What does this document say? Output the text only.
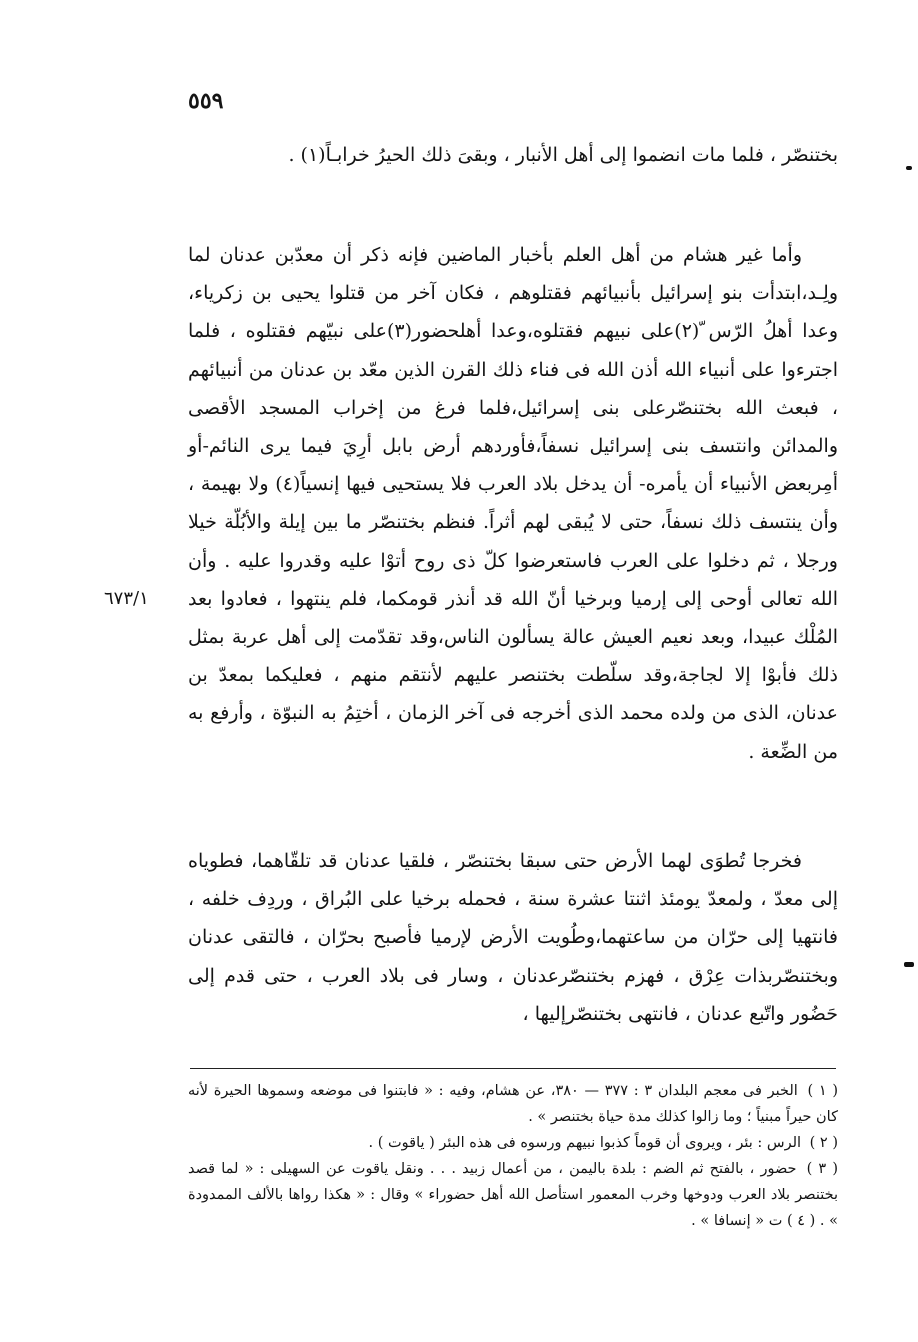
٥٥٩
٦٧٣/١

بختنصّر ، فلما مات انضموا إلى أهل الأنبار ، وبقىَ ذلك الحيرُ خرابـاً(١) .

وأما غير هشام من أهل العلم بأخبار الماضين فإنه ذكر أن معدّبن عدنان لما ولِـد،ابتدأت بنو إسرائيل بأنبيائهم فقتلوهم ، فكان آخر من قتلوا يحيى بن زكرياء، وعدا أهلُ الرّس ّ(٢)على نبيهم فقتلوه،وعدا أهلحضور(٣)على نبيّهم فقتلوه ، فلما اجترءوا على أنبياء الله أذن الله فى فناء ذلك القرن الذين معّد بن عدنان من أنبيائهم ، فبعث الله بختنصّرعلى بنى إسرائيل،فلما فرغ من إخراب المسجد الأقصى والمدائن وانتسف بنى إسرائيل نسفاً،فأوردهم أرض بابل أرِيَ فيما يرى النائم-أو أمِربعض الأنبياء أن يأمره- أن يدخل بلاد العرب فلا يستحيى فيها إنسياً(٤) ولا بهيمة ، وأن ينتسف ذلك نسفاً، حتى لا يُبقى لهم أثراً. فنظم بختنصّر ما بين إيلة والأبُلّة خيلا ورجلا ، ثم دخلوا على العرب فاستعرضوا كلّ ذى روح أتوْا عليه وقدروا عليه . وأن الله تعالى أوحى إلى إرميا وبرخيا أنّ الله قد أنذر قومكما، فلم ينتهوا ، فعادوا بعد المُلْك عبيدا، وبعد نعيم العيش عالة يسألون الناس،وقد تقدّمت إلى أهل عربة بمثل ذلك فأبوْا إلا لجاجة،وقد سلّطت بختنصر عليهم لأنتقم منهم ، فعليكما بمعدّ بن عدنان، الذى من ولده محمد الذى أخرجه فى آخر الزمان ، أختِمُ به النبوّة ، وأرفع به من الضِّعة .

فخرجا تُطوَى لهما الأرض حتى سبقا بختنصّر ، فلقيا عدنان قد تلقّاهما، فطوياه إلى معدّ ، ولمعدّ يومئذ اثنتا عشرة سنة ، فحمله برخيا على البُراق ، وردِف خلفه ، فانتهيا إلى حرّان من ساعتهما،وطُويت الأرض لإرميا فأصبح بحرّان ، فالتقى عدنان وبختنصّربذات عِرْق ، فهزم بختنصّرعدنان ، وسار فى بلاد العرب ، حتى قدم إلى حَضُور واتّبع عدنان ، فانتهى بختنصّرإليها ،

( ١ ) الخبر فى معجم البلدان ٣ : ٣٧٧ — ٣٨٠، عن هشام، وفيه : « فابتنوا فى موضعه وسموها الحيرة لأنه كان حيراً مبنياً ؛ وما زالوا كذلك مدة حياة بختنصر » .
( ٢ ) الرس : بئر ، ويروى أن قوماً كذبوا نبيهم ورسوه فى هذه البئر ( ياقوت ) .
( ٣ ) حضور ، بالفتح ثم الضم : بلدة باليمن ، من أعمال زبيد . . . ونقل ياقوت عن السهيلى : « لما قصد بختنصر بلاد العرب ودوخها وخرب المعمور استأصل الله أهل حضوراء » وقال : « هكذا رواها بالألف الممدودة » . ( ٤ ) ت « إنسافا » .
